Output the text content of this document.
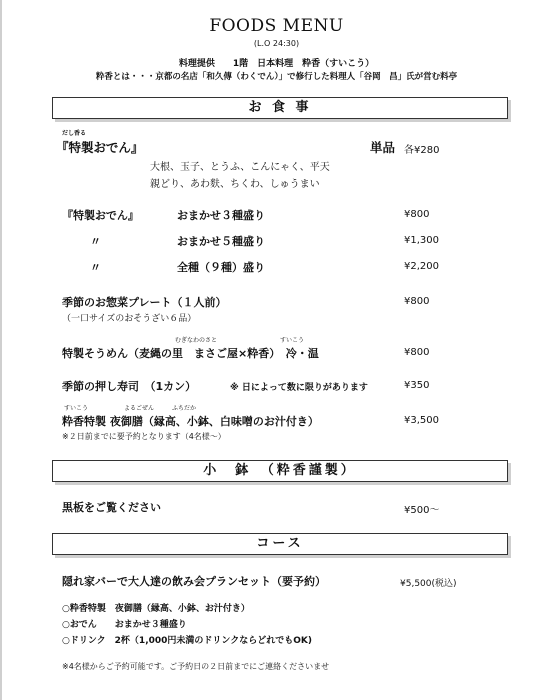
FOODS MENU
(L.O 24:30)
料理提供　　1階　日本料理　粋香（すいこう）
粋香とは・・・京都の名店「和久傳（わくでん）」で修行した料理人「谷岡　昌」氏が営む料亭
お 食 事
だし香る
『特製おでん』	単品 各¥280
大根、玉子、とうふ、こんにゃく、平天
親どり、あわ麩、ちくわ、しゅうまい
『特製おでん』	おまかせ３種盛り	¥800
〃	おまかせ５種盛り	¥1,300
〃	全種（９種）盛り	¥2,200
季節のお惣菜プレート（１人前）	¥800
（一口サイズのおそうざい６品）
むぎなわのさと	すいこう
特製そうめん（麦縄の里　まさご屋×粋香）　冷・温	¥800
季節の押し寿司　（1カン）	※ 日によって数に限りがあります	¥350
すいこう	よるごぜん	ふちだか
粋香特製 夜御膳（縁高、小鉢、白味噌のお汁付き）	¥3,500
※２日前までに要予約となります（4名様〜）
小　鉢　（粋香謹製）
黒板をご覧ください	¥500〜
コース
隠れ家バーで大人達の飲み会プランセット（要予約）	¥5,500(税込)
○粋香特製　夜御膳（縁高、小鉢、お汁付き）
○おでん　　おまかせ３種盛り
○ドリンク　2杯（1,000円未満のドリンクならどれでもOK)
※4名様からご予約可能です。ご予約日の２日前までにご連絡くださいませ
